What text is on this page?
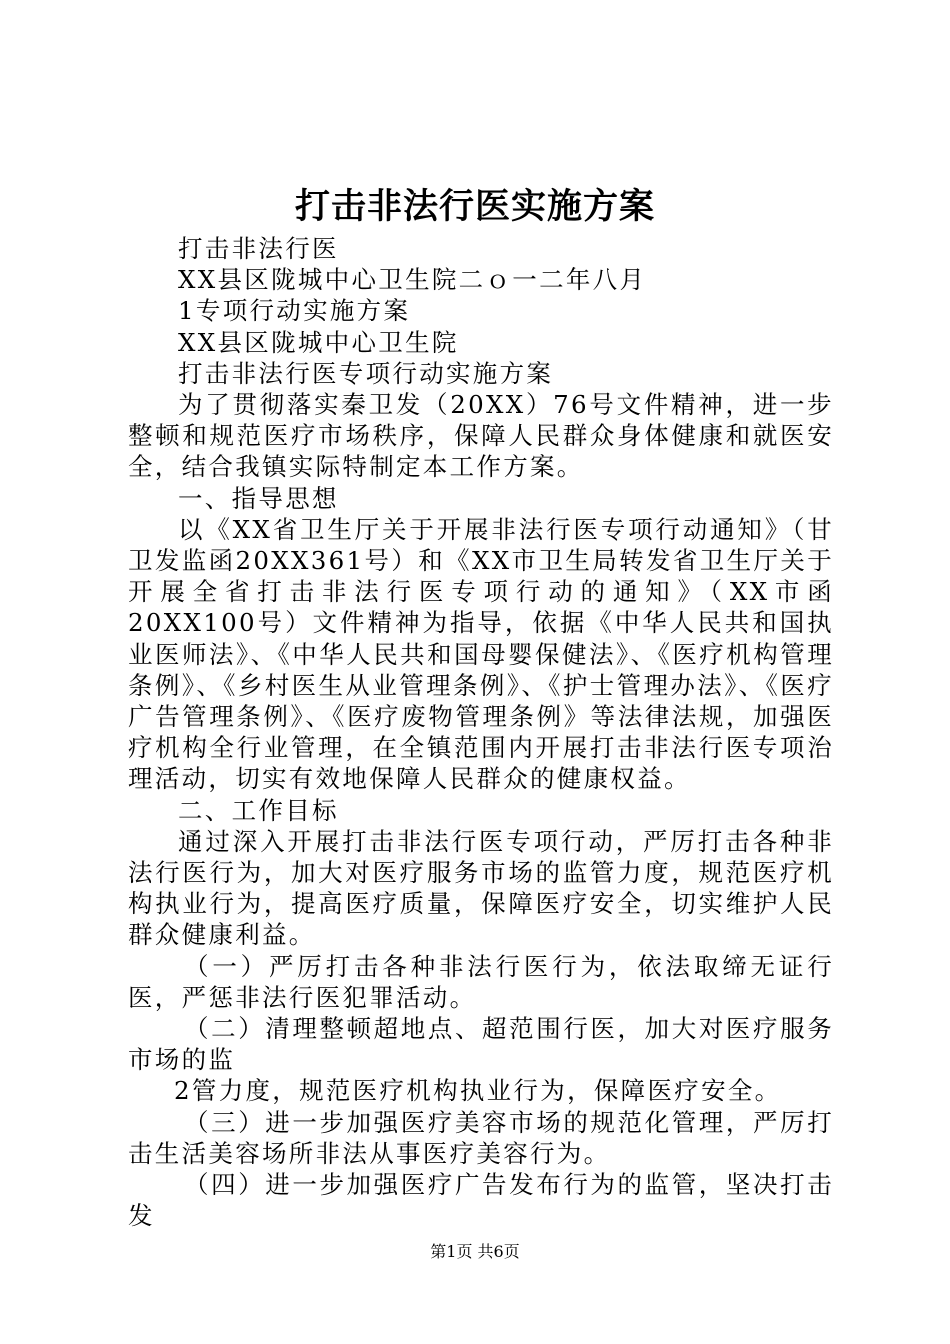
打击非法行医实施方案

打击非法行医

XX县区陇城中心卫生院二ｏ一二年八月

1专项行动实施方案

XX县区陇城中心卫生院

打击非法行医专项行动实施方案

为了贯彻落实秦卫发（20XX）76号文件精神，进一步整顿和规范医疗市场秩序，保障人民群众身体健康和就医安全，结合我镇实际特制定本工作方案。

一、指导思想

以《XX省卫生厅关于开展非法行医专项行动通知》（甘卫发监函20XX361号）和《XX市卫生局转发省卫生厅关于开展全省打击非法行医专项行动的通知》（XX市函20XX100号）文件精神为指导，依据《中华人民共和国执业医师法》、《中华人民共和国母婴保健法》、《医疗机构管理条例》、《乡村医生从业管理条例》、《护士管理办法》、《医疗广告管理条例》、《医疗废物管理条例》等法律法规，加强医疗机构全行业管理，在全镇范围内开展打击非法行医专项治理活动，切实有效地保障人民群众的健康权益。

二、工作目标

通过深入开展打击非法行医专项行动，严厉打击各种非法行医行为，加大对医疗服务市场的监管力度，规范医疗机构执业行为，提高医疗质量，保障医疗安全，切实维护人民群众健康利益。

（一）严厉打击各种非法行医行为，依法取缔无证行医，严惩非法行医犯罪活动。

（二）清理整顿超地点、超范围行医，加大对医疗服务市场的监

2管力度，规范医疗机构执业行为，保障医疗安全。

（三）进一步加强医疗美容市场的规范化管理，严厉打击生活美容场所非法从事医疗美容行为。

（四）进一步加强医疗广告发布行为的监管，坚决打击发

第1页 共6页
